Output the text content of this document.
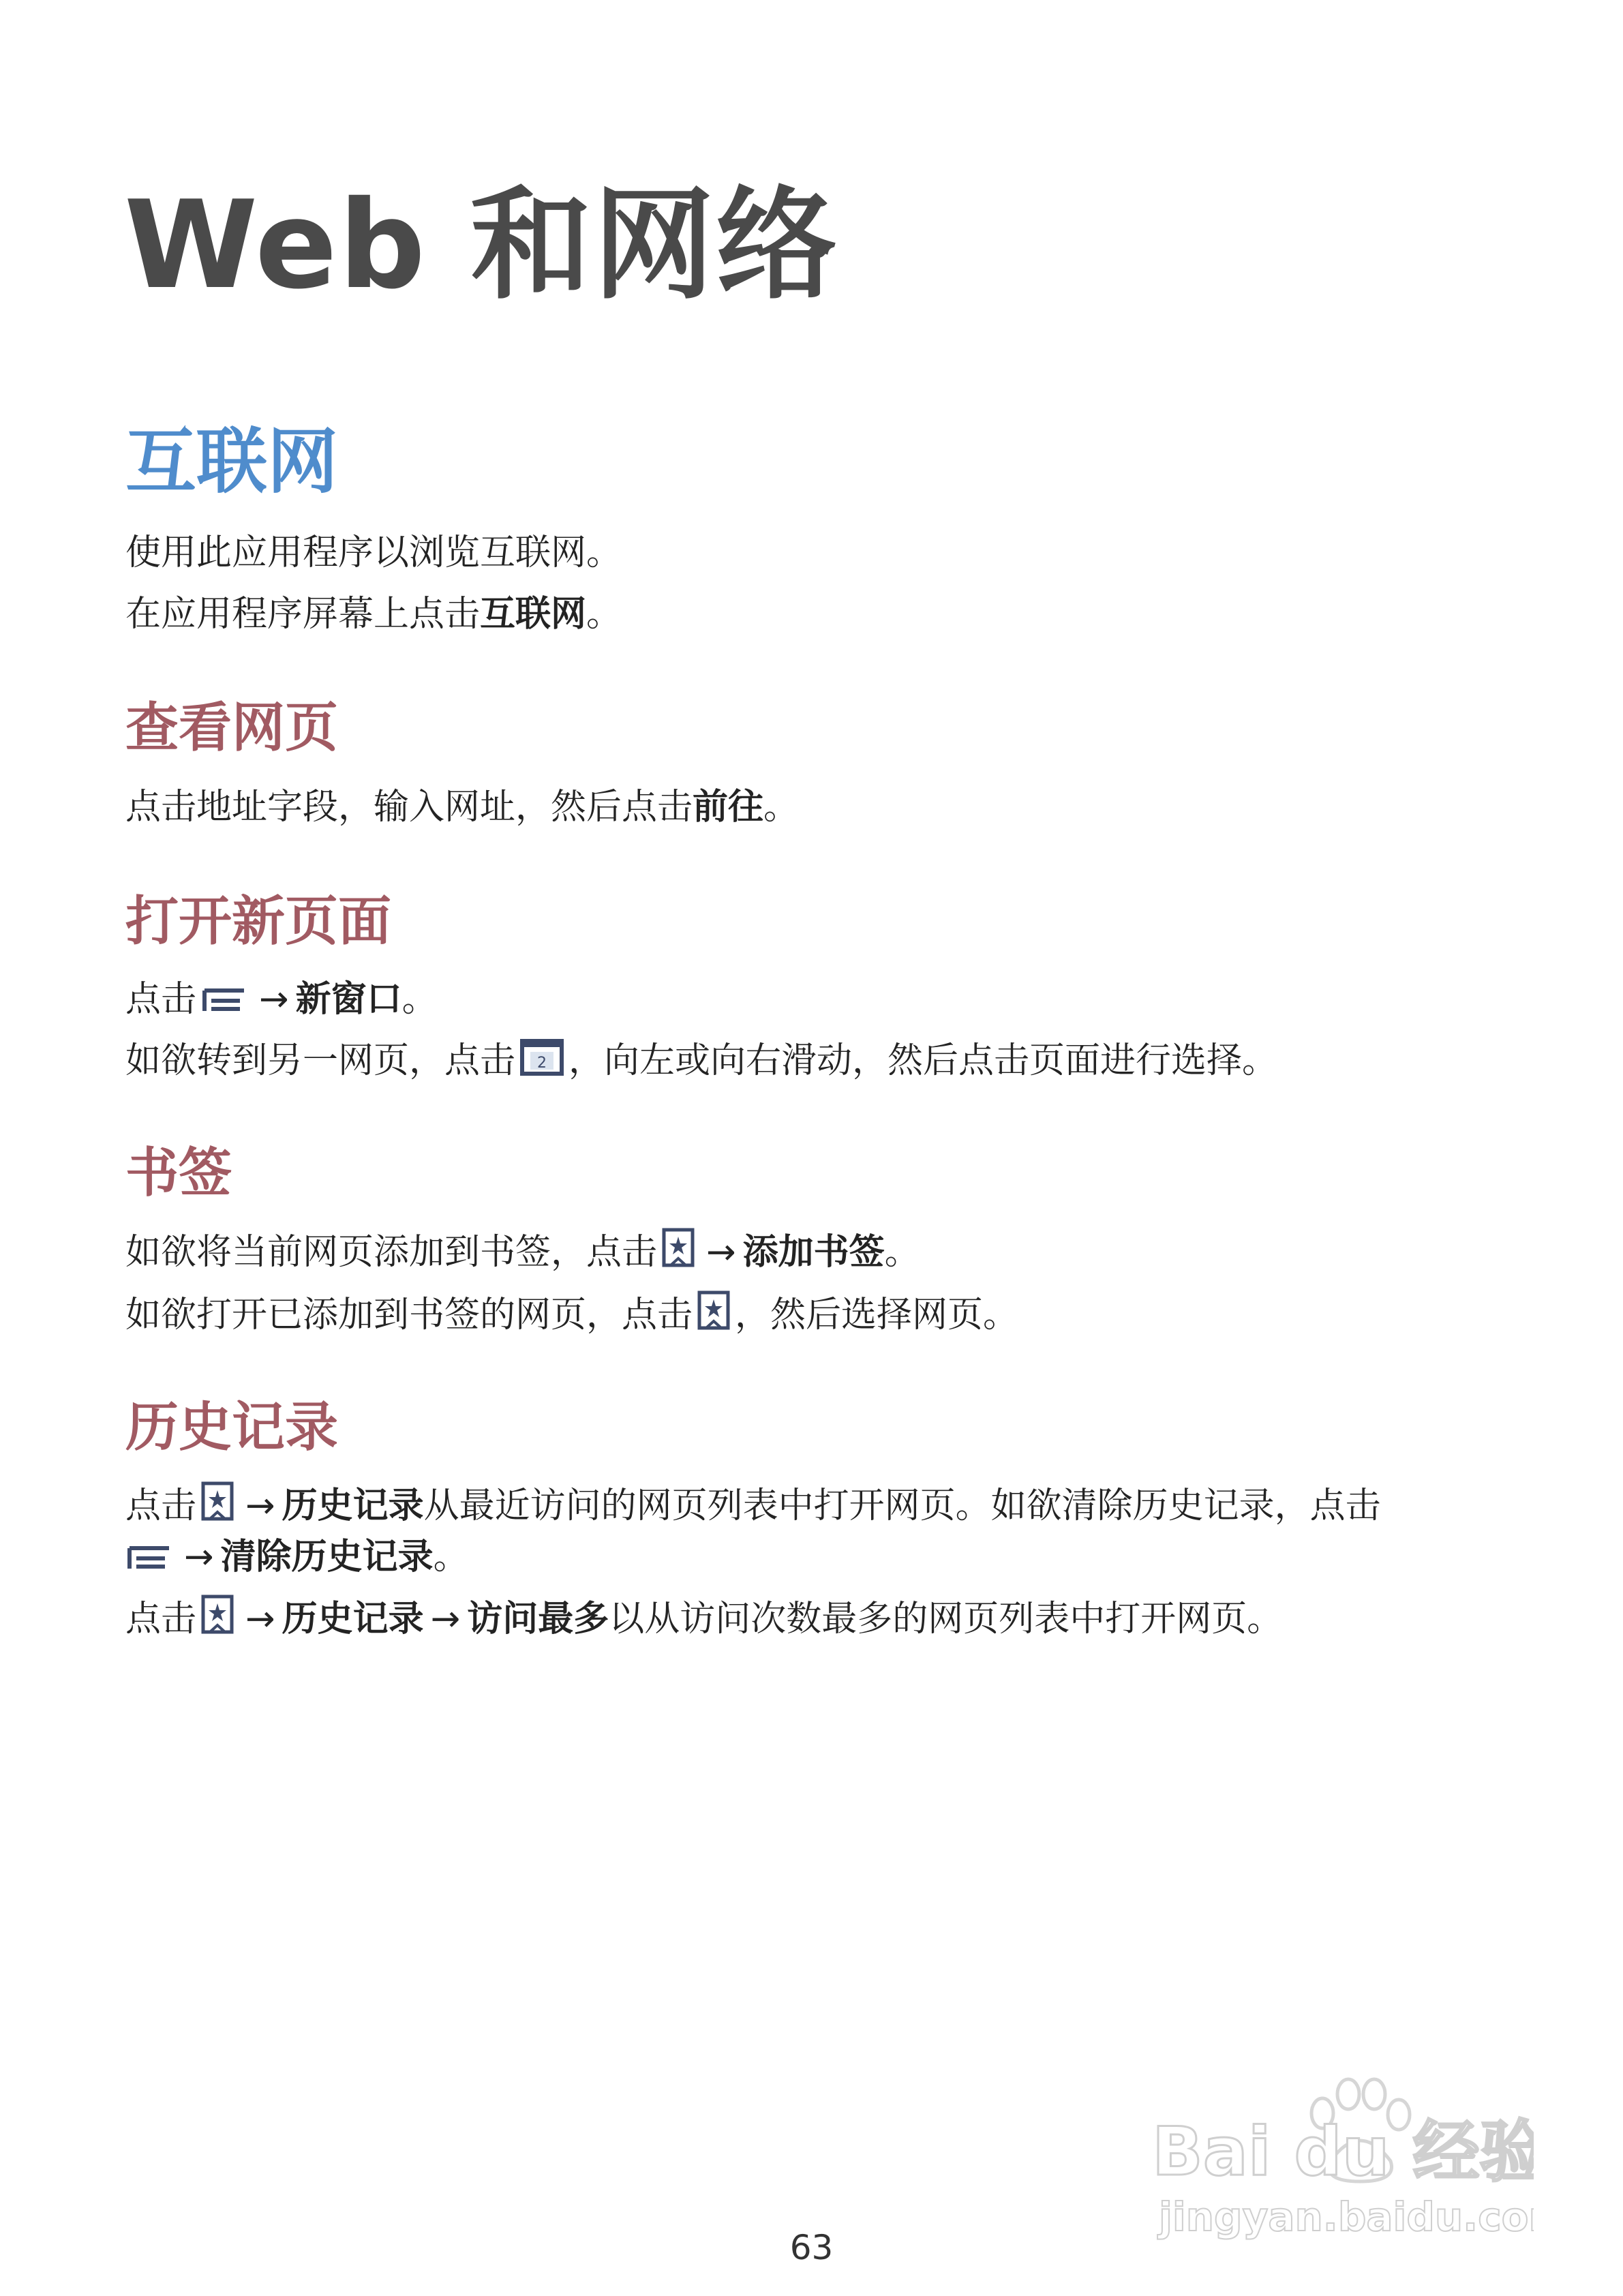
Web 和网络
互联网

使用此应用程序以浏览互联网。

在应用程序屏幕上点击互联网。

查看网页

点击地址字段，输入网址，然后点击前往。

打开新页面

点击 → 新窗口。

如欲转到另一网页，点击 2 ，向左或向右滑动，然后点击页面进行选择。

书签

如欲将当前网页添加到书签，点击 → 添加书签。

如欲打开已添加到书签的网页，点击 ，然后选择网页。

历史记录

点击 → 历史记录从最近访问的网页列表中打开网页。如欲清除历史记录，点击

→ 清除历史记录。

点击 → 历史记录 → 访问最多以从访问次数最多的网页列表中打开网页。

Bai du 经验
jingyan.baidu.com
63
